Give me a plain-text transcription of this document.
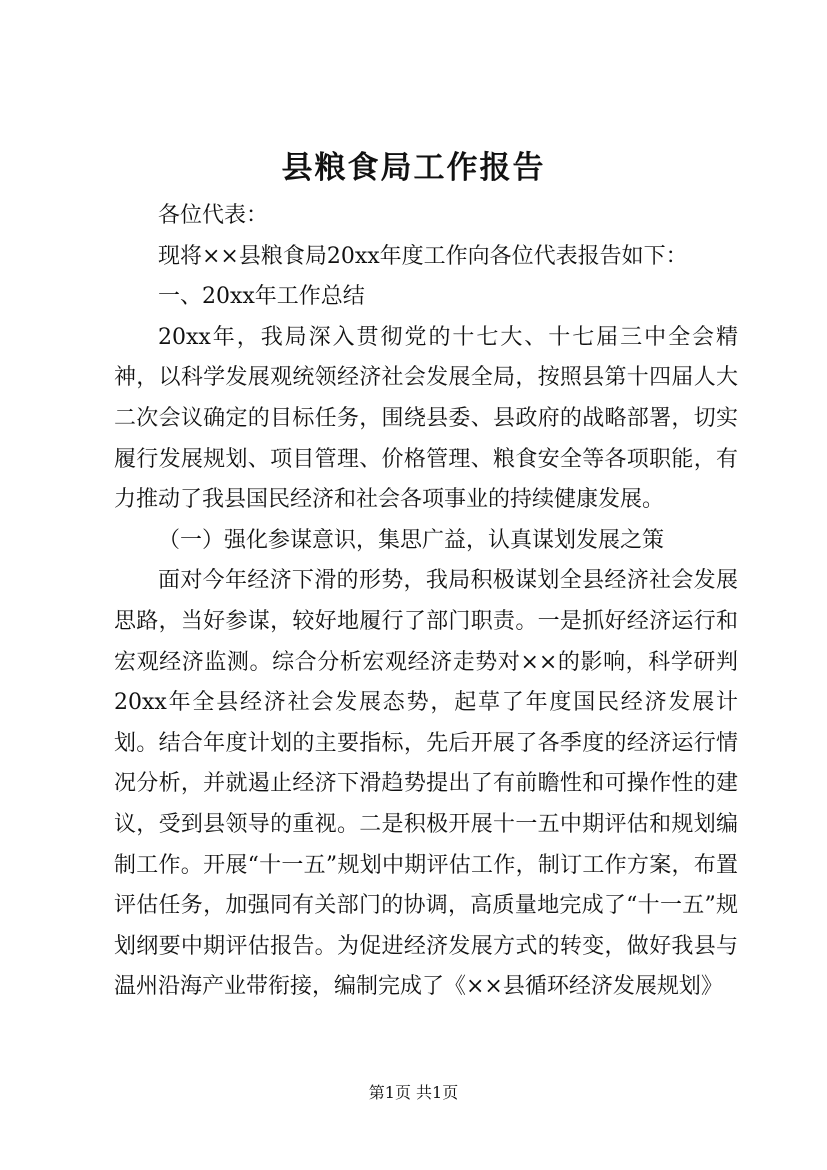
县粮食局工作报告

各位代表：

现将××县粮食局20xx年度工作向各位代表报告如下：

一、20xx年工作总结

20xx年，我局深入贯彻党的十七大、十七届三中全会精神，以科学发展观统领经济社会发展全局，按照县第十四届人大二次会议确定的目标任务，围绕县委、县政府的战略部署，切实履行发展规划、项目管理、价格管理、粮食安全等各项职能，有力推动了我县国民经济和社会各项事业的持续健康发展。

（一）强化参谋意识，集思广益，认真谋划发展之策

面对今年经济下滑的形势，我局积极谋划全县经济社会发展思路，当好参谋，较好地履行了部门职责。一是抓好经济运行和宏观经济监测。综合分析宏观经济走势对××的影响，科学研判20xx年全县经济社会发展态势，起草了年度国民经济发展计划。结合年度计划的主要指标，先后开展了各季度的经济运行情况分析，并就遏止经济下滑趋势提出了有前瞻性和可操作性的建议，受到县领导的重视。二是积极开展十一五中期评估和规划编制工作。开展“十一五”规划中期评估工作，制订工作方案，布置评估任务，加强同有关部门的协调，高质量地完成了“十一五”规划纲要中期评估报告。为促进经济发展方式的转变，做好我县与温州沿海产业带衔接，编制完成了《××县循环经济发展规划》

第1页 共1页
